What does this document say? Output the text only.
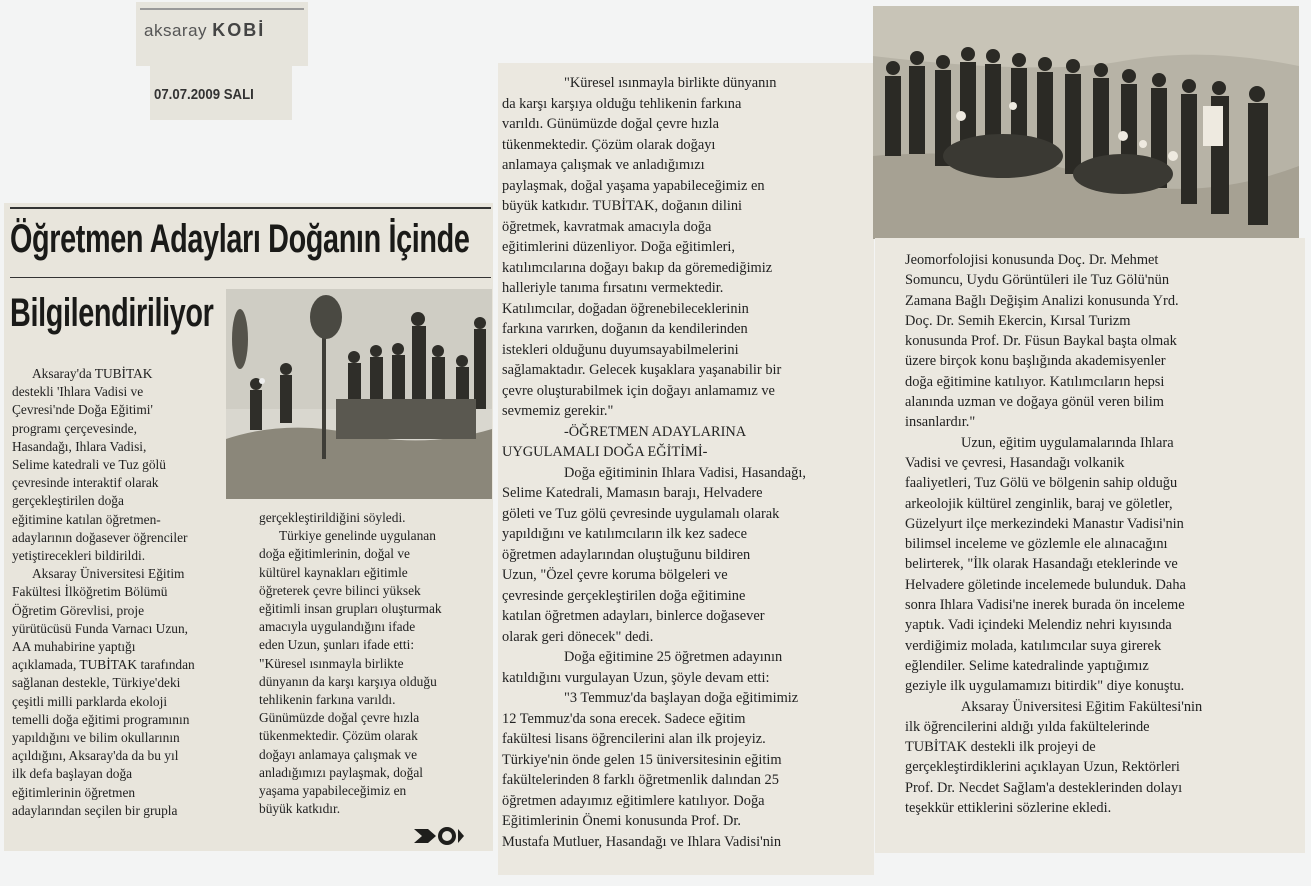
aksaray KOBİ
07.07.2009 SALI
Öğretmen Adayları Doğanın İçinde
Bilgilendiriliyor
Aksaray'da TUBİTAK
destekli 'Ihlara Vadisi ve
Çevresi'nde Doğa Eğitimi'
programı çerçevesinde,
Hasandağı, Ihlara Vadisi,
Selime katedrali ve Tuz gölü
çevresinde interaktif olarak
gerçekleştirilen doğa
eğitimine katılan öğretmen-
adaylarının doğasever öğrenciler
yetiştirecekleri bildirildi.
Aksaray Üniversitesi Eğitim
Fakültesi İlköğretim Bölümü
Öğretim Görevlisi, proje
yürütücüsü Funda Varnacı Uzun,
AA muhabirine yaptığı
açıklamada, TUBİTAK tarafından
sağlanan destekle, Türkiye'deki
çeşitli milli parklarda ekoloji
temelli doğa eğitimi programının
yapıldığını ve bilim okullarının
açıldığını, Aksaray'da da bu yıl
ilk defa başlayan doğa
eğitimlerinin öğretmen
adaylarından seçilen bir grupla
gerçekleştirildiğini söyledi.
Türkiye genelinde uygulanan
doğa eğitimlerinin, doğal ve
kültürel kaynakları eğitimle
öğreterek çevre bilinci yüksek
eğitimli insan grupları oluşturmak
amacıyla uygulandığını ifade
eden Uzun, şunları ifade etti:
"Küresel ısınmayla birlikte
dünyanın da karşı karşıya olduğu
tehlikenin farkına varıldı.
Günümüzde doğal çevre hızla
tükenmektedir. Çözüm olarak
doğayı anlamaya çalışmak ve
anladığımızı paylaşmak, doğal
yaşama yapabileceğimiz en
büyük katkıdır.
"Küresel ısınmayla birlikte dünyanın
da karşı karşıya olduğu tehlikenin farkına
varıldı. Günümüzde doğal çevre hızla
tükenmektedir. Çözüm olarak doğayı
anlamaya çalışmak ve anladığımızı
paylaşmak, doğal yaşama yapabileceğimiz en
büyük katkıdır. TUBİTAK, doğanın dilini
öğretmek, kavratmak amacıyla doğa
eğitimlerini düzenliyor. Doğa eğitimleri,
katılımcılarına doğayı bakıp da göremediğimiz
halleriyle tanıma fırsatını vermektedir.
Katılımcılar, doğadan öğrenebileceklerinin
farkına varırken, doğanın da kendilerinden
isteklerі olduğunu duyumsayabilmelerini
sağlamaktadır. Gelecek kuşaklara yaşanabilir bir
çevre oluşturabilmek için doğayı anlamamız ve
sevmemiz gerekir."
-ÖĞRETMEN ADAYLARINA
UYGULAMALI DOĞA EĞİTİMİ-
Doğa eğitiminin Ihlara Vadisi, Hasandağı,
Selime Katedrali, Mamasın barajı, Helvadere
göleti ve Tuz gölü çevresinde uygulamalı olarak
yapıldığını ve katılımcıların ilk kez sadece
öğretmen adaylarından oluştuğunu bildiren
Uzun, "Özel çevre koruma bölgeleri ve
çevresinde gerçekleştirilen doğa eğitimine
katılan öğretmen adayları, binlerce doğasever
olarak geri dönecek" dedi.
Doğa eğitimine 25 öğretmen adayının
katıldığını vurgulayan Uzun, şöyle devam etti:
"3 Temmuz'da başlayan doğa eğitimimiz
12 Temmuz'da sona erecek. Sadece eğitim
fakültesi lisans öğrencilerini alan ilk projeyiz.
Türkiye'nin önde gelen 15 üniversitesinin eğitim
fakültelerinden 8 farklı öğretmenlik dalından 25
öğretmen adayımız eğitimlere katılıyor. Doğa
Eğitimlerinin Önemi konusunda Prof. Dr.
Mustafa Mutluer, Hasandağı ve Ihlara Vadisi'nin
Jeomorfolojisi konusunda Doç. Dr. Mehmet
Somuncu, Uydu Görüntüleri ile Tuz Gölü'nün
Zamana Bağlı Değişim Analizi konusunda Yrd.
Doç. Dr. Semih Ekercin, Kırsal Turizm
konusunda Prof. Dr. Füsun Baykal başta olmak
üzere birçok konu başlığında akademisyenler
doğa eğitimine katılıyor. Katılımcıların hepsi
alanında uzman ve doğaya gönül veren bilim
insanlardır."
Uzun, eğitim uygulamalarında Ihlara
Vadisi ve çevresi, Hasandağı volkanik
faaliyetleri, Tuz Gölü ve bölgenin sahip olduğu
arkeolojik kültürel zenginlik, baraj ve göletler,
Güzelyurt ilçe merkezindeki Manastır Vadisi'nin
bilimsel inceleme ve gözlemle ele alınacağını
belirterek, "İlk olarak Hasandağı eteklerinde ve
Helvadere göletinde incelemede bulunduk. Daha
sonra Ihlara Vadisi'ne inerek burada ön inceleme
yaptık. Vadi içindeki Melendiz nehri kıyısında
verdiğimiz molada, katılımcılar suya girerek
eğlendiler. Selime katedralinde yaptığımız
geziyle ilk uygulamamızı bitirdik" diye konuştu.
Aksaray Üniversitesi Eğitim Fakültesi'nin
ilk öğrencilerini aldığı yılda fakültelerinde
TUBİTAK destekli ilk projeyi de
gerçekleştirdiklerini açıklayan Uzun, Rektörleri
Prof. Dr. Necdet Sağlam'a desteklerinden dolayı
teşekkür ettiklerini sözlerine ekledi.
